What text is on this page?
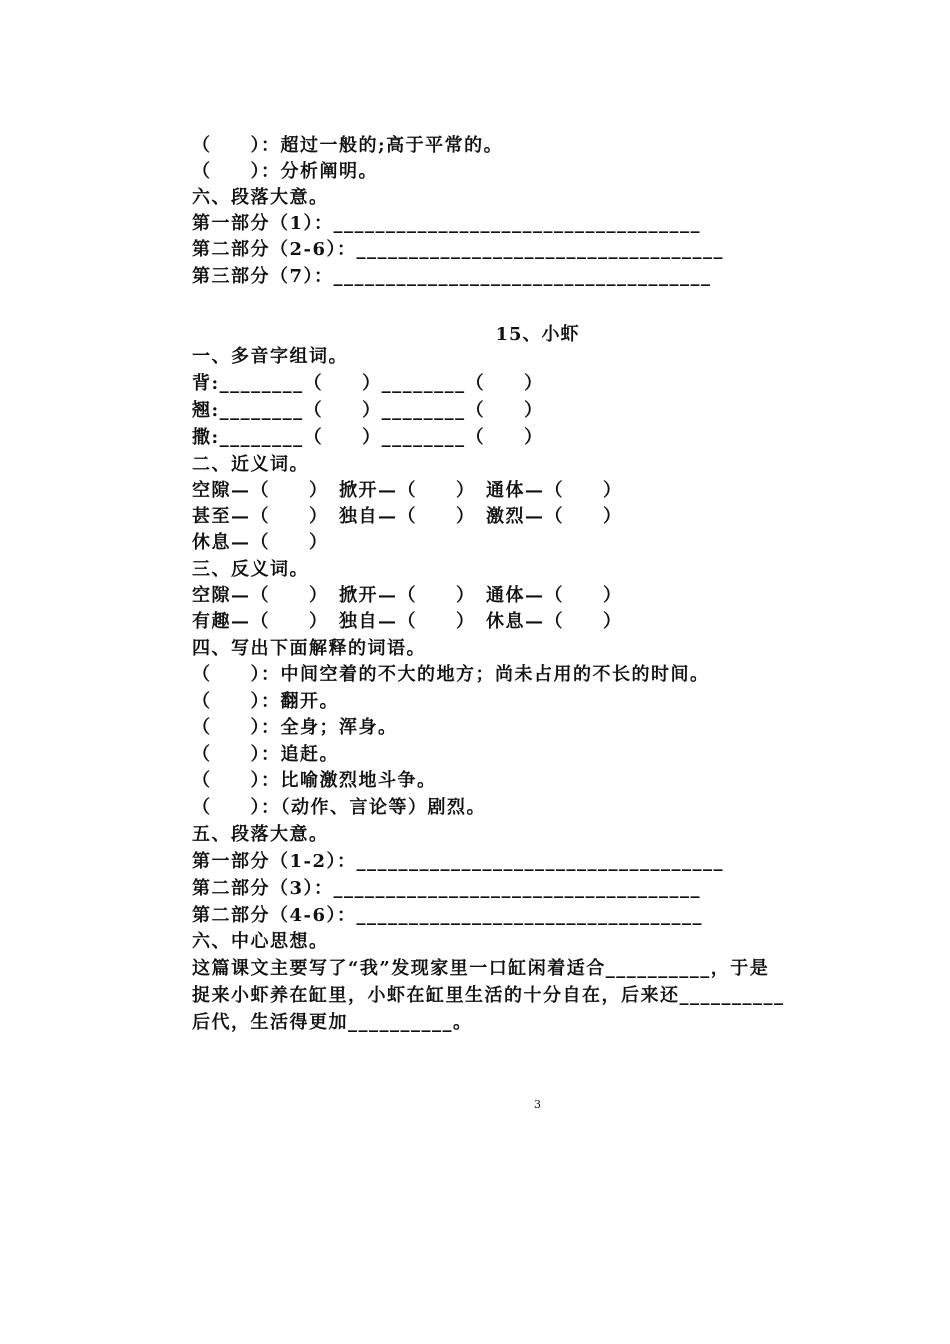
（　　）：超过一般的;高于平常的。
（　　）：分析阐明。
六、段落大意。
第一部分（1）：___________________________________
第二部分（2-6）：___________________________________
第三部分（7）：____________________________________
15、小虾
一、多音字组词。
背:________（　　）________（　　）
翘:________（　　）________（　　）
撒:________（　　）________（　　）
二、近义词。
空隙—（　　）　掀开—（　　）　通体—（　　）
甚至—（　　）　独自—（　　）　激烈—（　　）
休息—（　　）
三、反义词。
空隙—（　　）　掀开—（　　）　通体—（　　）
有趣—（　　）　独自—（　　）　休息—（　　）
四、写出下面解释的词语。
（　　）：中间空着的不大的地方；尚未占用的不长的时间。
（　　）：翻开。
（　　）：全身；浑身。
（　　）：追赶。
（　　）：比喻激烈地斗争。
（　　）：（动作、言论等）剧烈。
五、段落大意。
第一部分（1-2）：___________________________________
第二部分（3）：___________________________________
第二部分（4-6）：_________________________________
六、中心思想。
这篇课文主要写了“我”发现家里一口缸闲着适合__________，于是
捉来小虾养在缸里，小虾在缸里生活的十分自在，后来还__________
后代，生活得更加__________。
3
